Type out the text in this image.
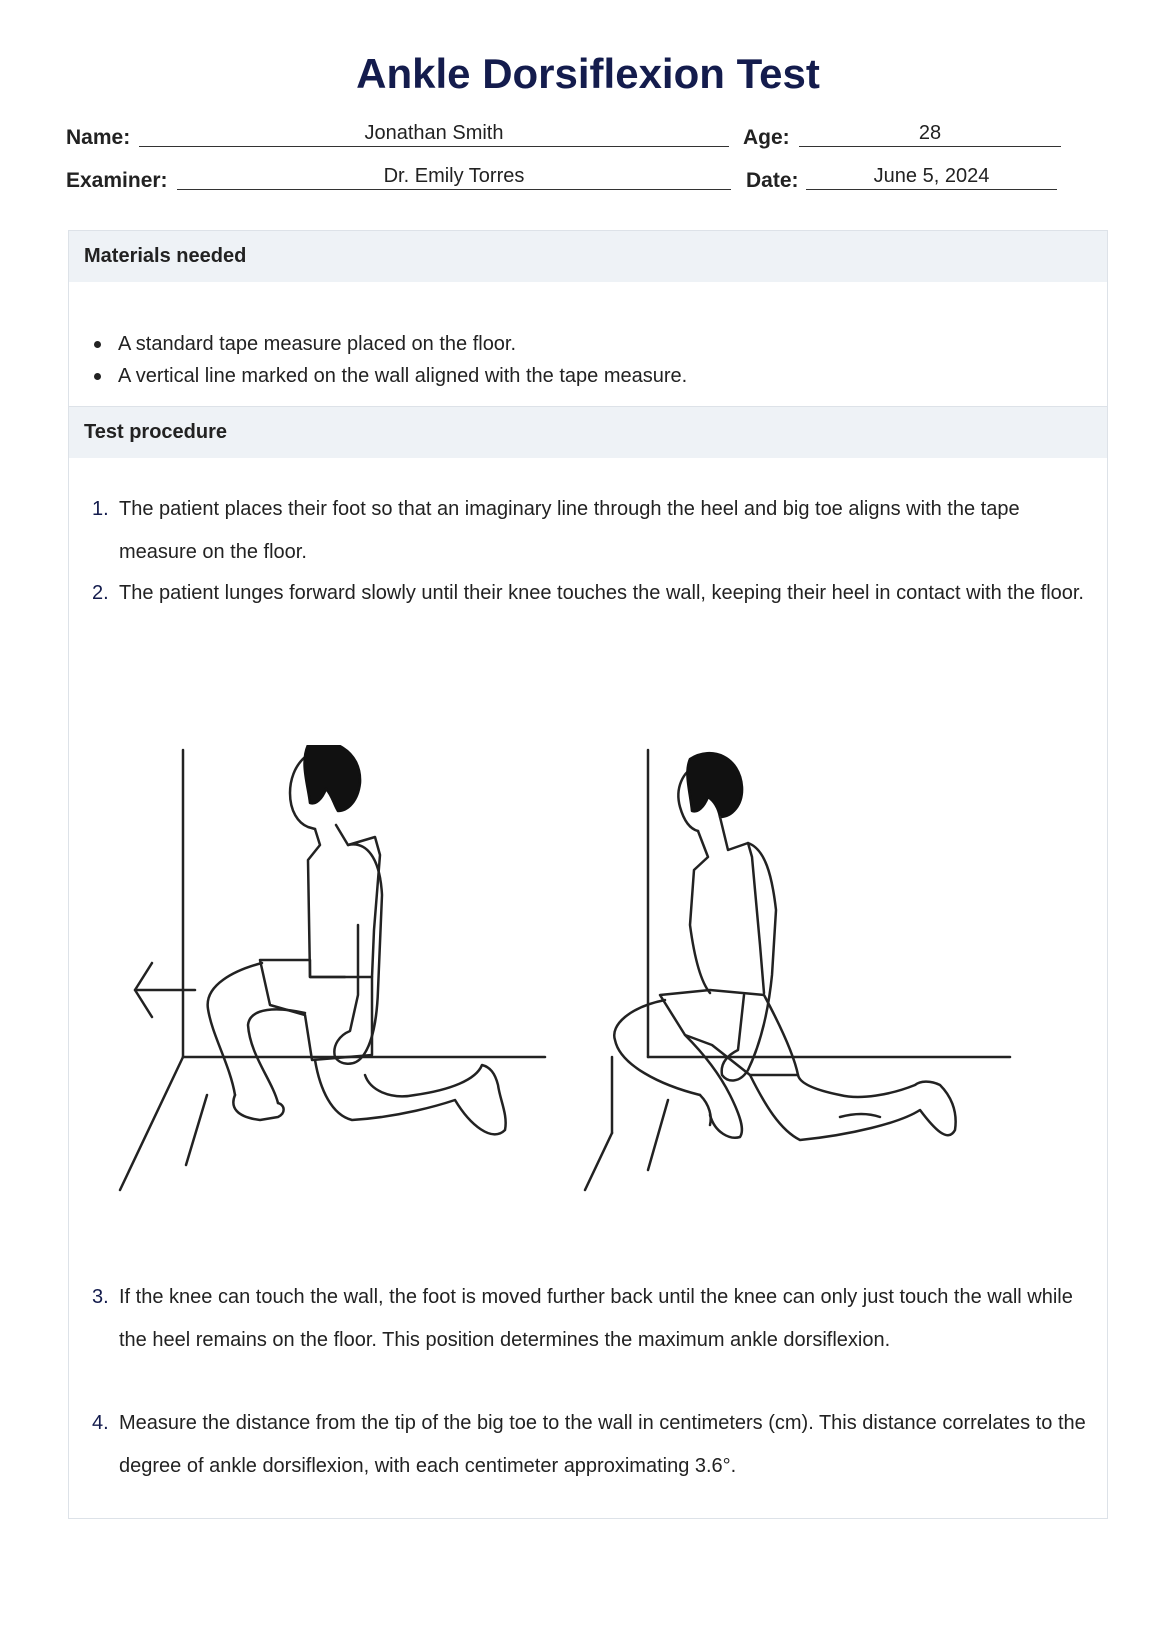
Ankle Dorsiflexion Test
Name:	Jonathan Smith	Age:	28
Examiner:	Dr. Emily Torres	Date:	June 5, 2024
Materials needed
A standard tape measure placed on the floor.
A vertical line marked on the wall aligned with the tape measure.
Test procedure
1. The patient places their foot so that an imaginary line through the heel and big toe aligns with the tape measure on the floor.
2. The patient lunges forward slowly until their knee touches the wall, keeping their heel in contact with the floor.
3. If the knee can touch the wall, the foot is moved further back until the knee can only just touch the wall while the heel remains on the floor. This position determines the maximum ankle dorsiflexion.
4. Measure the distance from the tip of the big toe to the wall in centimeters (cm). This distance correlates to the degree of ankle dorsiflexion, with each centimeter approximating 3.6°.
